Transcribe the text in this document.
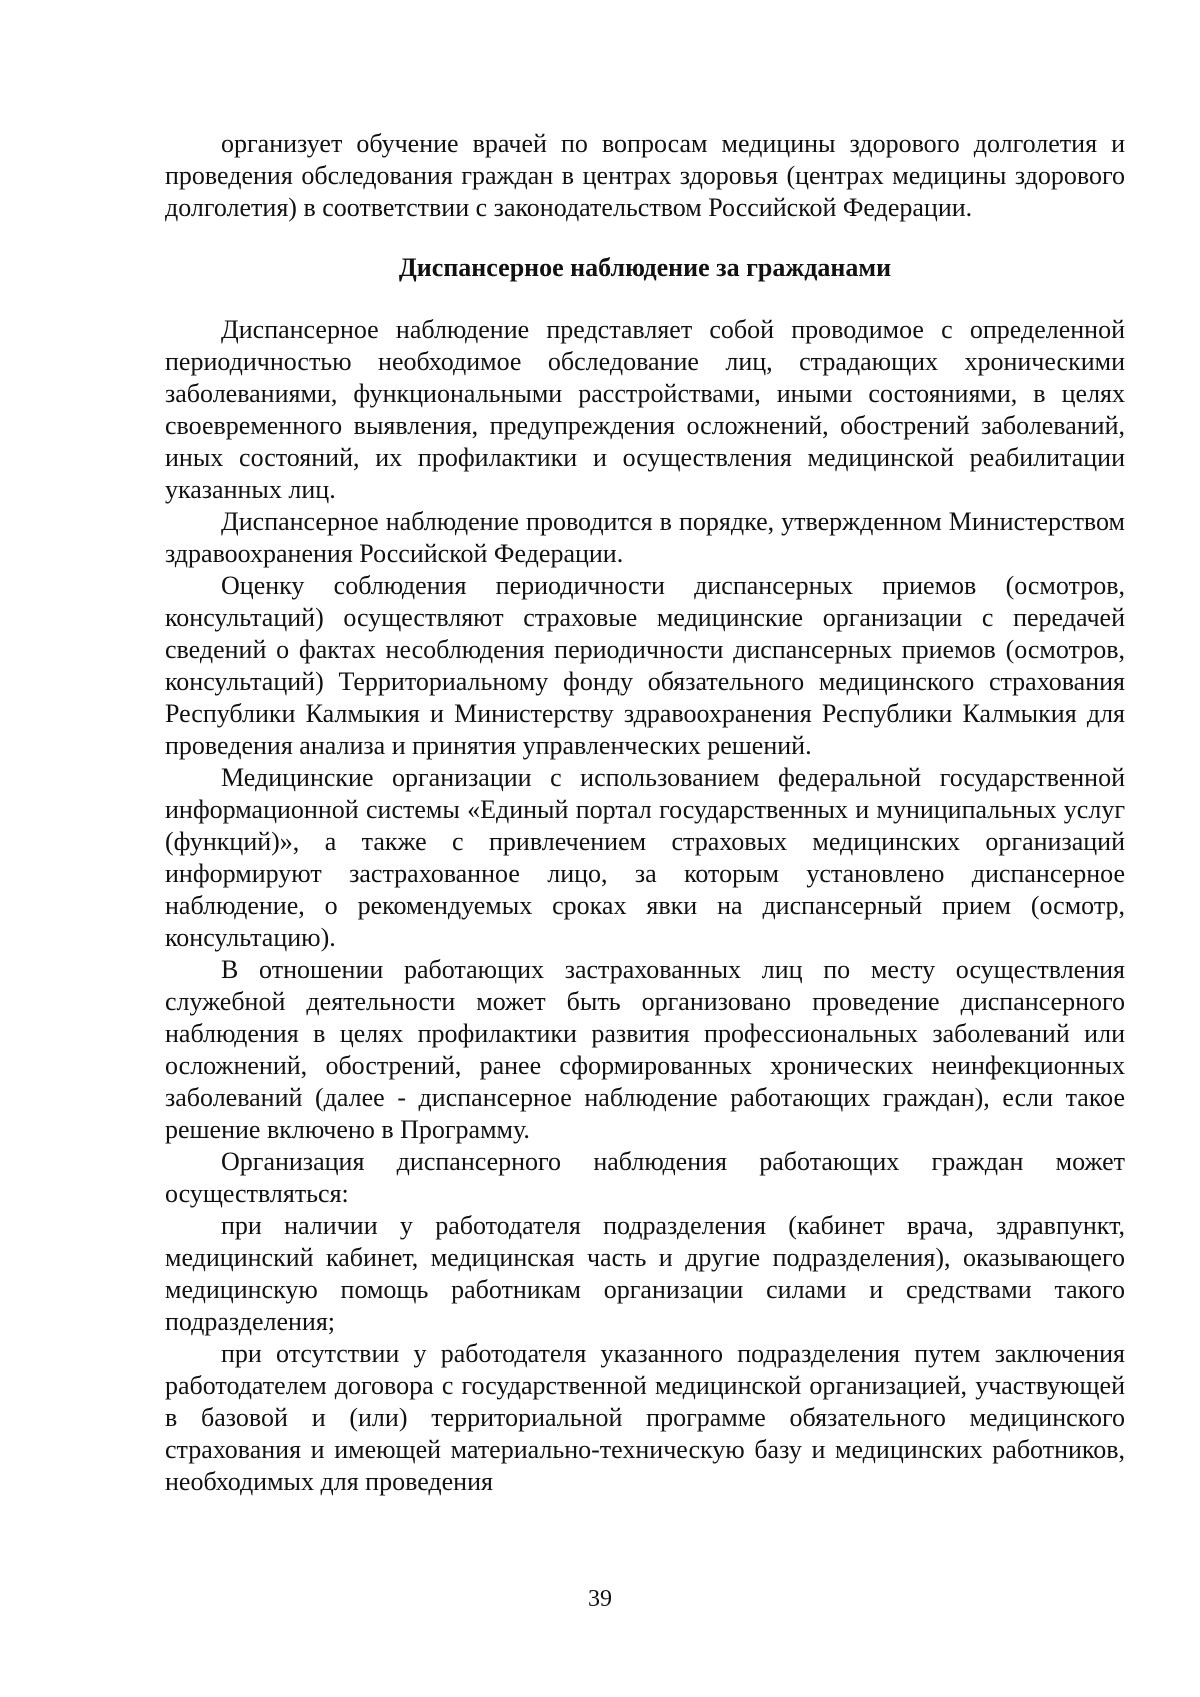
организует обучение врачей по вопросам медицины здорового долголетия и проведения обследования граждан в центрах здоровья (центрах медицины здорового долголетия) в соответствии с законодательством Российской Федерации.

Диспансерное наблюдение за гражданами

Диспансерное наблюдение представляет собой проводимое с определенной периодичностью необходимое обследование лиц, страдающих хроническими заболеваниями, функциональными расстройствами, иными состояниями, в целях своевременного выявления, предупреждения осложнений, обострений заболеваний, иных состояний, их профилактики и осуществления медицинской реабилитации указанных лиц.

Диспансерное наблюдение проводится в порядке, утвержденном Министерством здравоохранения Российской Федерации.

Оценку соблюдения периодичности диспансерных приемов (осмотров, консультаций) осуществляют страховые медицинские организации с передачей сведений о фактах несоблюдения периодичности диспансерных приемов (осмотров, консультаций) Территориальному фонду обязательного медицинского страхования Республики Калмыкия и Министерству здравоохранения Республики Калмыкия для проведения анализа и принятия управленческих решений.

Медицинские организации с использованием федеральной государственной информационной системы «Единый портал государственных и муниципальных услуг (функций)», а также с привлечением страховых медицинских организаций информируют застрахованное лицо, за которым установлено диспансерное наблюдение, о рекомендуемых сроках явки на диспансерный прием (осмотр, консультацию).

В отношении работающих застрахованных лиц по месту осуществления служебной деятельности может быть организовано проведение диспансерного наблюдения в целях профилактики развития профессиональных заболеваний или осложнений, обострений, ранее сформированных хронических неинфекционных заболеваний (далее - диспансерное наблюдение работающих граждан), если такое решение включено в Программу.

Организация диспансерного наблюдения работающих граждан может осуществляться:

при наличии у работодателя подразделения (кабинет врача, здравпункт, медицинский кабинет, медицинская часть и другие подразделения), оказывающего медицинскую помощь работникам организации силами и средствами такого подразделения;

при отсутствии у работодателя указанного подразделения путем заключения работодателем договора с государственной медицинской организацией, участвующей в базовой и (или) территориальной программе обязательного медицинского страхования и имеющей материально-техническую базу и медицинских работников, необходимых для проведения

39
